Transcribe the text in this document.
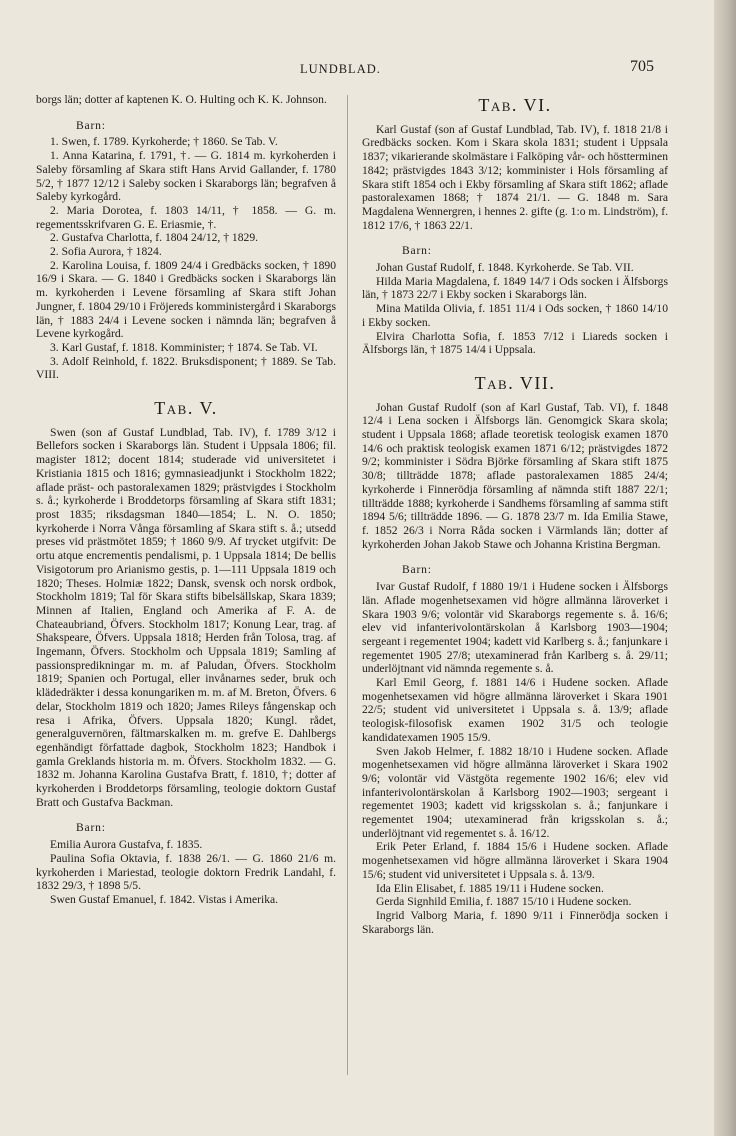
LUNDBLAD.	705

borgs län; dotter af kaptenen K. O. Hulting och K. K. Johnson.

Barn:

1. Swen, f. 1789. Kyrkoherde; † 1860. Se Tab. V.

1. Anna Katarina, f. 1791, †. — G. 1814 m. kyrkoherden i Saleby församling af Skara stift Hans Arvid Gallander, f. 1780 5/2, † 1877 12/12 i Saleby socken i Skaraborgs län; begrafven å Saleby kyrkogård.

2. Maria Dorotea, f. 1803 14/11, † 1858. — G. m. regementsskrifvaren G. E. Eriasmie, †.

2. Gustafva Charlotta, f. 1804 24/12, † 1829.

2. Sofia Aurora, † 1824.

2. Karolina Louisa, f. 1809 24/4 i Gredbäcks socken, † 1890 16/9 i Skara. — G. 1840 i Gredbäcks socken i Skaraborgs län m. kyrkoherden i Levene församling af Skara stift Johan Jungner, f. 1804 29/10 i Fröjereds komministergård i Skaraborgs län, † 1883 24/4 i Levene socken i nämnda län; begrafven å Levene kyrkogård.

3. Karl Gustaf, f. 1818. Komminister; † 1874. Se Tab. VI.

3. Adolf Reinhold, f. 1822. Bruksdisponent; † 1889. Se Tab. VIII.

Tab. V.

Swen (son af Gustaf Lundblad, Tab. IV), f. 1789 3/12 i Bellefors socken i Skaraborgs län. Student i Uppsala 1806; fil. magister 1812; docent 1814; studerade vid universitetet i Kristiania 1815 och 1816; gymnasieadjunkt i Stockholm 1822; aflade präst- och pastoralexamen 1829; prästvigdes i Stockholm s. å.; kyrkoherde i Broddetorps församling af Skara stift 1831; prost 1835; riksdagsman 1840—1854; L. N. O. 1850; kyrkoherde i Norra Vånga församling af Skara stift s. å.; utsedd preses vid prästmötet 1859; † 1860 9/9. Af trycket utgifvit: De ortu atque encrementis pendalismi, p. 1 Uppsala 1814; De bellis Visigotorum pro Arianismo gestis, p. 1—111 Uppsala 1819 och 1820; Theses. Holmiæ 1822; Dansk, svensk och norsk ordbok, Stockholm 1819; Tal för Skara stifts bibelsällskap, Skara 1839; Minnen af Italien, England och Amerika af F. A. de Chateaubriand, Öfvers. Stockholm 1817; Konung Lear, trag. af Shakspeare, Öfvers. Uppsala 1818; Herden från Tolosa, trag. af Ingemann, Öfvers. Stockholm och Uppsala 1819; Samling af passionspredikningar m. m. af Paludan, Öfvers. Stockholm 1819; Spanien och Portugal, eller invånarnes seder, bruk och klädedräkter i dessa konungariken m. m. af M. Breton, Öfvers. 6 delar, Stockholm 1819 och 1820; James Rileys fångenskap och resa i Afrika, Öfvers. Uppsala 1820; Kungl. rådet, generalguvernören, fältmarskalken m. m. grefve E. Dahlbergs egenhändigt författade dagbok, Stockholm 1823; Handbok i gamla Greklands historia m. m. Öfvers. Stockholm 1832. — G. 1832 m. Johanna Karolina Gustafva Bratt, f. 1810, †; dotter af kyrkoherden i Broddetorps församling, teologie doktorn Gustaf Bratt och Gustafva Backman.

Barn:

Emilia Aurora Gustafva, f. 1835.

Paulina Sofia Oktavia, f. 1838 26/1. — G. 1860 21/6 m. kyrkoherden i Mariestad, teologie doktorn Fredrik Landahl, f. 1832 29/3, † 1898 5/5.

Swen Gustaf Emanuel, f. 1842. Vistas i Amerika.

Tab. VI.

Karl Gustaf (son af Gustaf Lundblad, Tab. IV), f. 1818 21/8 i Gredbäcks socken. Kom i Skara skola 1831; student i Uppsala 1837; vikarierande skolmästare i Falköping vår- och höstterminen 1842; prästvigdes 1843 3/12; komminister i Hols församling af Skara stift 1854 och i Ekby församling af Skara stift 1862; aflade pastoralexamen 1868; † 1874 21/1. — G. 1848 m. Sara Magdalena Wennergren, i hennes 2. gifte (g. 1:o m. Lindström), f. 1812 17/6, † 1863 22/1.

Barn:

Johan Gustaf Rudolf, f. 1848. Kyrkoherde. Se Tab. VII.

Hilda Maria Magdalena, f. 1849 14/7 i Ods socken i Älfsborgs län, † 1873 22/7 i Ekby socken i Skaraborgs län.

Mina Matilda Olivia, f. 1851 11/4 i Ods socken, † 1860 14/10 i Ekby socken.

Elvira Charlotta Sofia, f. 1853 7/12 i Liareds socken i Älfsborgs län, † 1875 14/4 i Uppsala.

Tab. VII.

Johan Gustaf Rudolf (son af Karl Gustaf, Tab. VI), f. 1848 12/4 i Lena socken i Älfsborgs län. Genomgick Skara skola; student i Uppsala 1868; aflade teoretisk teologisk examen 1870 14/6 och praktisk teologisk examen 1871 6/12; prästvigdes 1872 9/2; komminister i Södra Björke församling af Skara stift 1875 30/8; tillträdde 1878; aflade pastoralexamen 1885 24/4; kyrkoherde i Finnerödja församling af nämnda stift 1887 22/1; tillträdde 1888; kyrkoherde i Sandhems församling af samma stift 1894 5/6; tillträdde 1896. — G. 1878 23/7 m. Ida Emilia Stawe, f. 1852 26/3 i Norra Råda socken i Värmlands län; dotter af kyrkoherden Johan Jakob Stawe och Johanna Kristina Bergman.

Barn:

Ivar Gustaf Rudolf, f 1880 19/1 i Hudene socken i Älfsborgs län. Aflade mogenhetsexamen vid högre allmänna läroverket i Skara 1903 9/6; volontär vid Skaraborgs regemente s. å. 16/6; elev vid infanterivolontärskolan å Karlsborg 1903—1904; sergeant i regementet 1904; kadett vid Karlberg s. å.; fanjunkare i regementet 1905 27/8; utexaminerad från Karlberg s. å. 29/11; underlöjtnant vid nämnda regemente s. å.

Karl Emil Georg, f. 1881 14/6 i Hudene socken. Aflade mogenhetsexamen vid högre allmänna läroverket i Skara 1901 22/5; student vid universitetet i Uppsala s. å. 13/9; aflade teologisk-filosofisk examen 1902 31/5 och teologie kandidatexamen 1905 15/9.

Sven Jakob Helmer, f. 1882 18/10 i Hudene socken. Aflade mogenhetsexamen vid högre allmänna läroverket i Skara 1902 9/6; volontär vid Västgöta regemente 1902 16/6; elev vid infanterivolontärskolan å Karlsborg 1902—1903; sergeant i regementet 1903; kadett vid krigsskolan s. å.; fanjunkare i regementet 1904; utexaminerad från krigsskolan s. å.; underlöjtnant vid regementet s. å. 16/12.

Erik Peter Erland, f. 1884 15/6 i Hudene socken. Aflade mogenhetsexamen vid högre allmänna läroverket i Skara 1904 15/6; student vid universitetet i Uppsala s. å. 13/9.

Ida Elin Elisabet, f. 1885 19/11 i Hudene socken.

Gerda Signhild Emilia, f. 1887 15/10 i Hudene socken.

Ingrid Valborg Maria, f. 1890 9/11 i Finnerödja socken i Skaraborgs län.
